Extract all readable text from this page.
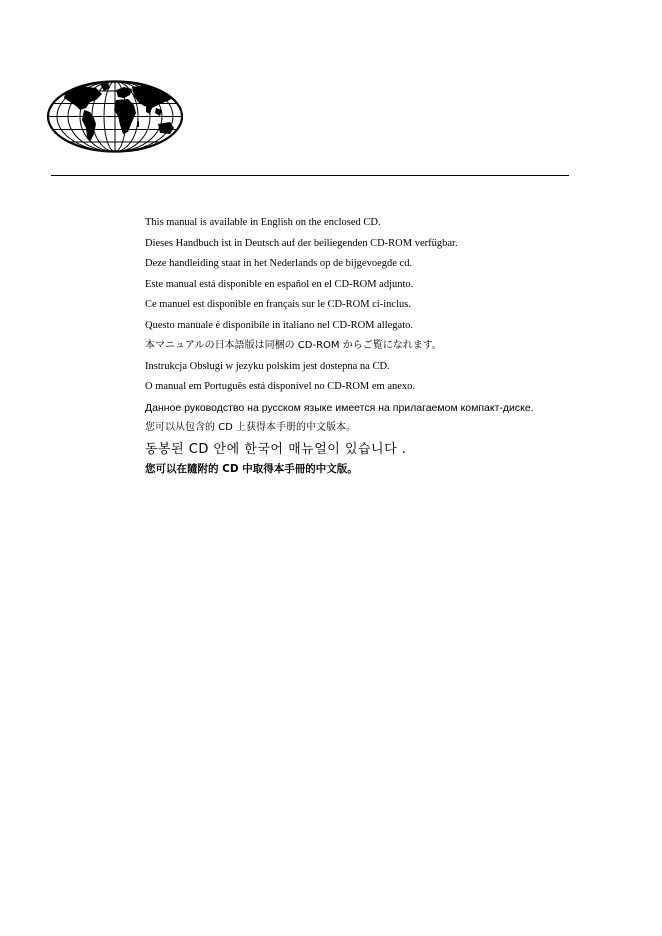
This manual is available in English on the enclosed CD.
Dieses Handbuch ist in Deutsch auf der beiliegenden CD-ROM verfügbar.
Deze handleiding staat in het Nederlands op de bijgevoegde cd.
Este manual está disponible en español en el CD-ROM adjunto.
Ce manuel est disponible en français sur le CD-ROM ci-inclus.
Questo manuale è disponibile in italiano nel CD-ROM allegato.
本マニュアルの日本語版は同梱の CD-ROM からご覧になれます。
Instrukcja Obsługi w jezyku polskim jest dostepna na CD.
O manual em Português está disponível no CD-ROM em anexo.
Данное руководство на русском языке имеется на прилагаемом компакт-диске.
您可以从包含的 CD 上获得本手册的中文版本。
동봉된 CD 안에 한국어 매뉴얼이 있습니다 .
您可以在隨附的 CD 中取得本手冊的中文版。
